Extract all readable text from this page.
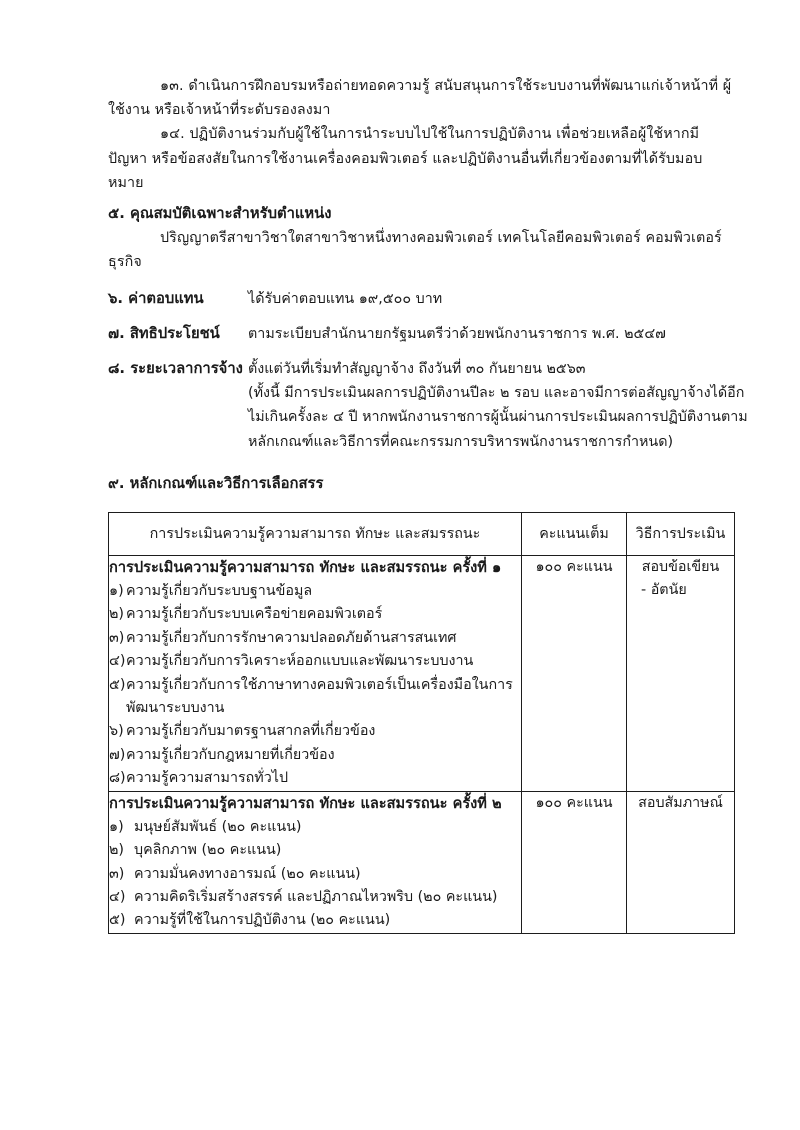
๑๓. ดำเนินการฝึกอบรมหรือถ่ายทอดความรู้ สนับสนุนการใช้ระบบงานที่พัฒนาแก่เจ้าหน้าที่ ผู้ใช้งาน หรือเจ้าหน้าที่ระดับรองลงมา

๑๔. ปฏิบัติงานร่วมกับผู้ใช้ในการนำระบบไปใช้ในการปฏิบัติงาน เพื่อช่วยเหลือผู้ใช้หากมีปัญหา หรือข้อสงสัยในการใช้งานเครื่องคอมพิวเตอร์ และปฏิบัติงานอื่นที่เกี่ยวข้องตามที่ได้รับมอบหมาย

๕. คุณสมบัติเฉพาะสำหรับตำแหน่ง

ปริญญาตรีสาขาวิชาใตสาขาวิชาหนึ่งทางคอมพิวเตอร์ เทคโนโลยีคอมพิวเตอร์ คอมพิวเตอร์ธุรกิจ

๖. ค่าตอบแทน	ได้รับค่าตอบแทน ๑๙,๕๐๐ บาท
๗. สิทธิประโยชน์	ตามระเบียบสำนักนายกรัฐมนตรีว่าด้วยพนักงานราชการ พ.ศ. ๒๕๔๗
๘. ระยะเวลาการจ้าง ตั้งแต่วันที่เริ่มทำสัญญาจ้าง ถึงวันที่ ๓๐ กันยายน ๒๕๖๓
(ทั้งนี้ มีการประเมินผลการปฏิบัติงานปีละ ๒ รอบ และอาจมีการต่อสัญญาจ้างได้อีก
ไม่เกินครั้งละ ๔ ปี หากพนักงานราชการผู้นั้นผ่านการประเมินผลการปฏิบัติงานตาม
หลักเกณฑ์และวิธีการที่คณะกรรมการบริหารพนักงานราชการกำหนด)
๙. หลักเกณฑ์และวิธีการเลือกสรร
การประเมินความรู้ความสามารถ ทักษะ และสมรรถนะ	คะแนนเต็ม	วิธีการประเมิน

การประเมินความรู้ความสามารถ ทักษะ และสมรรถนะ ครั้งที่ ๑
๑) ความรู้เกี่ยวกับระบบฐานข้อมูล
๒) ความรู้เกี่ยวกับระบบเครือข่ายคอมพิวเตอร์
๓) ความรู้เกี่ยวกับการรักษาความปลอดภัยด้านสารสนเทศ
๔) ความรู้เกี่ยวกับการวิเคราะห์ออกแบบและพัฒนาระบบงาน
๕) ความรู้เกี่ยวกับการใช้ภาษาทางคอมพิวเตอร์เป็นเครื่องมือในการพัฒนาระบบงาน
๖) ความรู้เกี่ยวกับมาตรฐานสากลที่เกี่ยวข้อง
๗) ความรู้เกี่ยวกับกฎหมายที่เกี่ยวข้อง
๘) ความรู้ความสามารถทั่วไป
	๑๐๐ คะแนน	สอบข้อเขียน
- อัตนัย

การประเมินความรู้ความสามารถ ทักษะ และสมรรถนะ ครั้งที่ ๒
๑) มนุษย์สัมพันธ์ (๒๐ คะแนน)
๒) บุคลิกภาพ (๒๐ คะแนน)
๓) ความมั่นคงทางอารมณ์ (๒๐ คะแนน)
๔) ความคิดริเริ่มสร้างสรรค์ และปฏิภาณไหวพริบ (๒๐ คะแนน)
๕) ความรู้ที่ใช้ในการปฏิบัติงาน (๒๐ คะแนน)
	๑๐๐ คะแนน	สอบสัมภาษณ์
